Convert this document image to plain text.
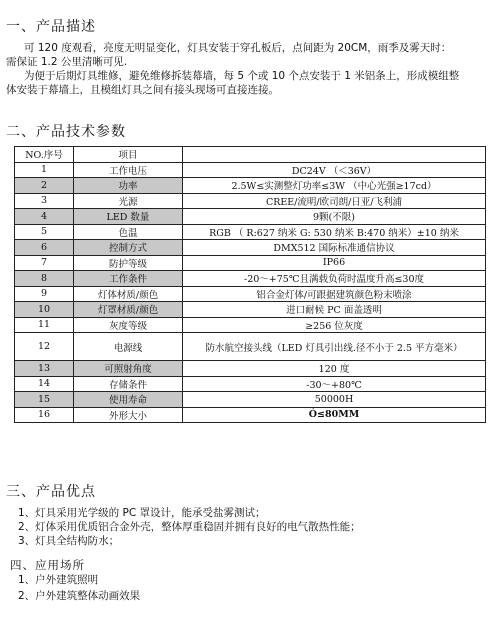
一、产品描述
可 120 度观看，亮度无明显变化，灯具安装于穿孔板后，点间距为 20CM，雨季及雾天时：
需保证 1.2 公里清晰可见.
为便于后期灯具维修，避免维修拆装幕墙，每 5 个或 10 个点安装于 1 米铝条上，形成模组整
体安装于幕墙上，且模组灯具之间有接头现场可直接连接。
二、产品技术参数
NO.序号	项目	
1	工作电压	DC24V （＜36V）
2	功率	2.5W≤实测整灯功率≤3W （中心光强≥17cd）
3	光源	CREE/流明/欧司朗/日亚/飞利浦
4	LED 数量	9颗(不限)
5	色温	RGB （ R:627 纳米 G: 530 纳米 B:470 纳米）±10 纳米
6	控制方式	DMX512 国际标准通信协议
7	防护等级	IP66
8	工作条件	-20～+75℃且满载负荷时温度升高≤30度
9	灯体材质/颜色	铝合金灯体/可跟据建筑颜色粉末喷涂
10	灯罩材质/颜色	进口耐候 PC 面盖透明
11	灰度等级	≥256 位灰度
12	电源线	防水航空接头线（LED 灯具引出线.径不小于 2.5 平方毫米）
13	可照射角度	120 度
14	存储条件	-30～+80℃
15	使用寿命	50000H
16	外形大小	Ó≤80MM
三、产品优点
1、灯具采用光学级的 PC 罩设计，能承受盐雾测试；
2、灯体采用优质铝合金外壳，整体厚重稳固并拥有良好的电气散热性能；
3、灯具全结构防水；
四、应用场所
1、户外建筑照明
2、户外建筑整体动画效果
